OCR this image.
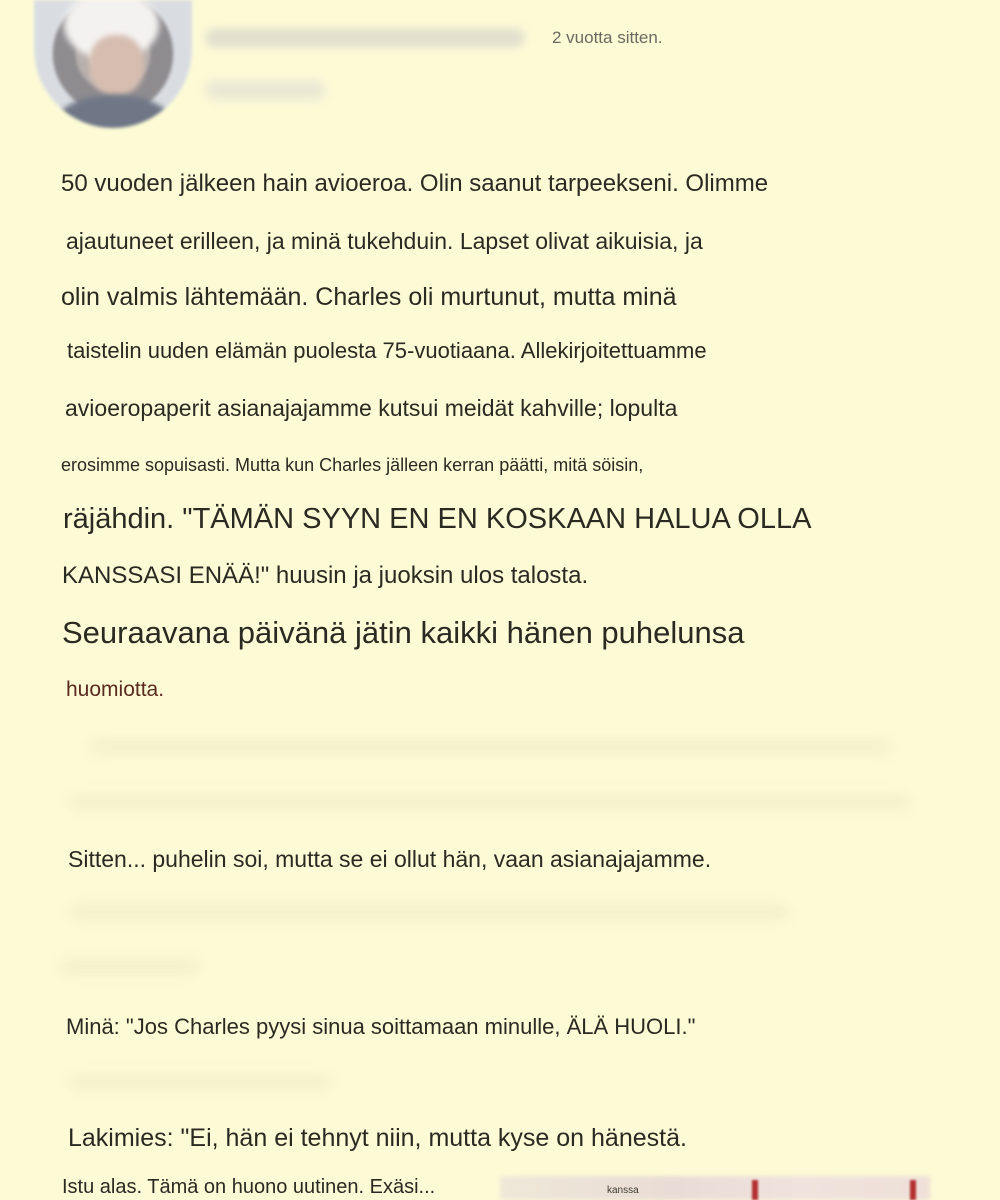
2 vuotta sitten.
50 vuoden jälkeen hain avioeroa. Olin saanut tarpeekseni. Olimme
ajautuneet erilleen, ja minä tukehduin. Lapset olivat aikuisia, ja
olin valmis lähtemään. Charles oli murtunut, mutta minä
taistelin uuden elämän puolesta 75-vuotiaana. Allekirjoitettuamme
avioeropaperit asianajajamme kutsui meidät kahville; lopulta
erosimme sopuisasti. Mutta kun Charles jälleen kerran päätti, mitä söisin,
räjähdin. "TÄMÄN SYYN EN EN KOSKAAN HALUA OLLA
KANSSASI ENÄÄ!" huusin ja juoksin ulos talosta.
Seuraavana päivänä jätin kaikki hänen puhelunsa
huomiotta.
Sitten... puhelin soi, mutta se ei ollut hän, vaan asianajajamme.
Minä: "Jos Charles pyysi sinua soittamaan minulle, ÄLÄ HUOLI."
Lakimies: "Ei, hän ei tehnyt niin, mutta kyse on hänestä.
Istu alas. Tämä on huono uutinen. Exäsi...	kanssa
